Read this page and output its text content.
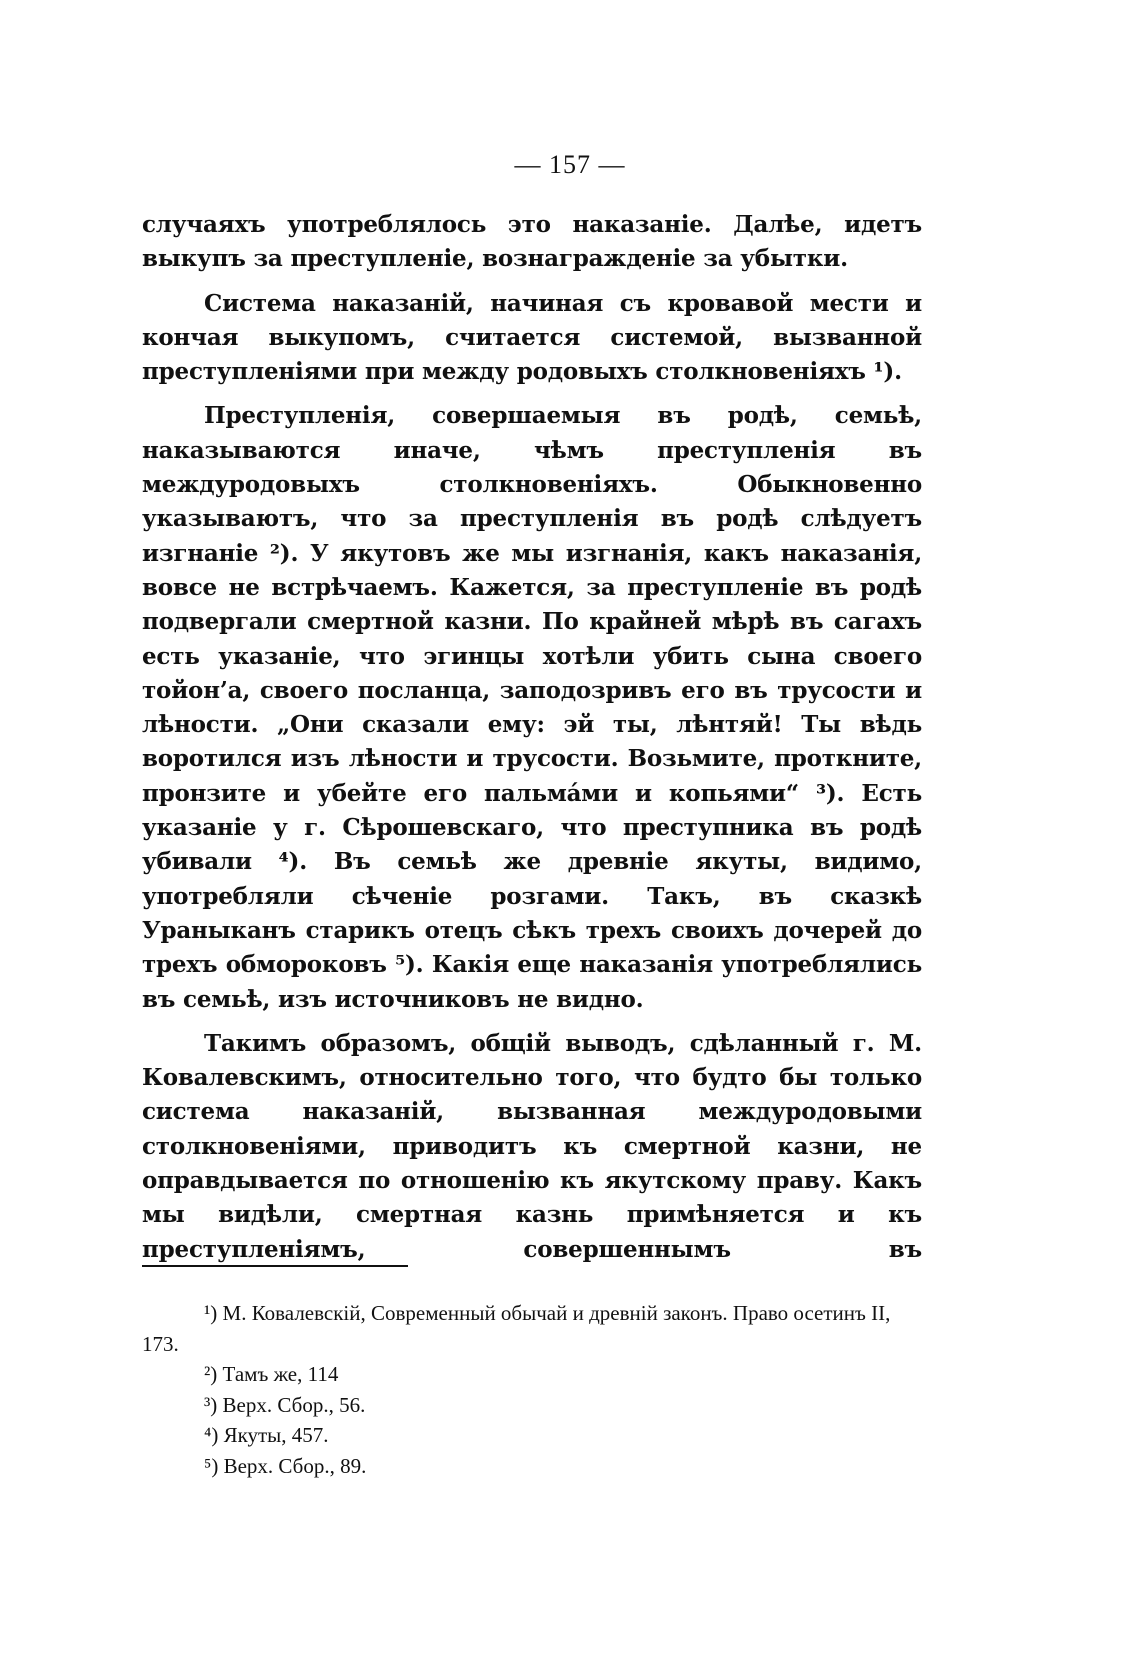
— 157 —

случаяхъ употреблялось это наказаніе. Далѣе, идетъ выкупъ за преступленіе, вознагражденіе за убытки.

Система наказаній, начиная съ кровавой мести и кончая выкупомъ, считается системой, вызванной преступленіями при между родовыхъ столкновеніяхъ ¹).

Преступленія, совершаемыя въ родѣ, семьѣ, наказываются иначе, чѣмъ преступленія въ междуродовыхъ столкновеніяхъ. Обыкновенно указываютъ, что за преступленія въ родѣ слѣдуетъ изгнаніе ²). У якутовъ же мы изгнанія, какъ наказанія, вовсе не встрѣчаемъ. Кажется, за преступленіе въ родѣ подвергали смертной казни. По крайней мѣрѣ въ сагахъ есть указаніе, что эгинцы хотѣли убить сына своего тойон’а, своего посланца, заподозривъ его въ трусости и лѣности. „Они сказали ему: эй ты, лѣнтяй! Ты вѣдь воротился изъ лѣности и трусости. Возьмите, проткните, пронзите и убейте его пальмáми и копьями“ ³). Есть указаніе у г. Сѣрошевскаго, что преступника въ родѣ убивали ⁴). Въ семьѣ же древніе якуты, видимо, употребляли сѣченіе розгами. Такъ, въ сказкѣ Ураныканъ старикъ отецъ сѣкъ трехъ своихъ дочерей до трехъ обмороковъ ⁵). Какія еще наказанія употреблялись въ семьѣ, изъ источниковъ не видно.

Такимъ образомъ, общій выводъ, сдѣланный г. М. Ковалевскимъ, относительно того, что будто бы только система наказаній, вызванная междуродовыми столкновеніями, приводитъ къ смертной казни, не оправдывается по отношенію къ якутскому праву. Какъ мы видѣли, смертная казнь примѣняется и къ преступленіямъ, совершеннымъ въ

¹) М. Ковалевскій, Современный обычай и древній законъ. Право осетинъ II, 173.
²) Тамъ же, 114
³) Верх. Сбор., 56.
⁴) Якуты, 457.
⁵) Верх. Сбор., 89.
